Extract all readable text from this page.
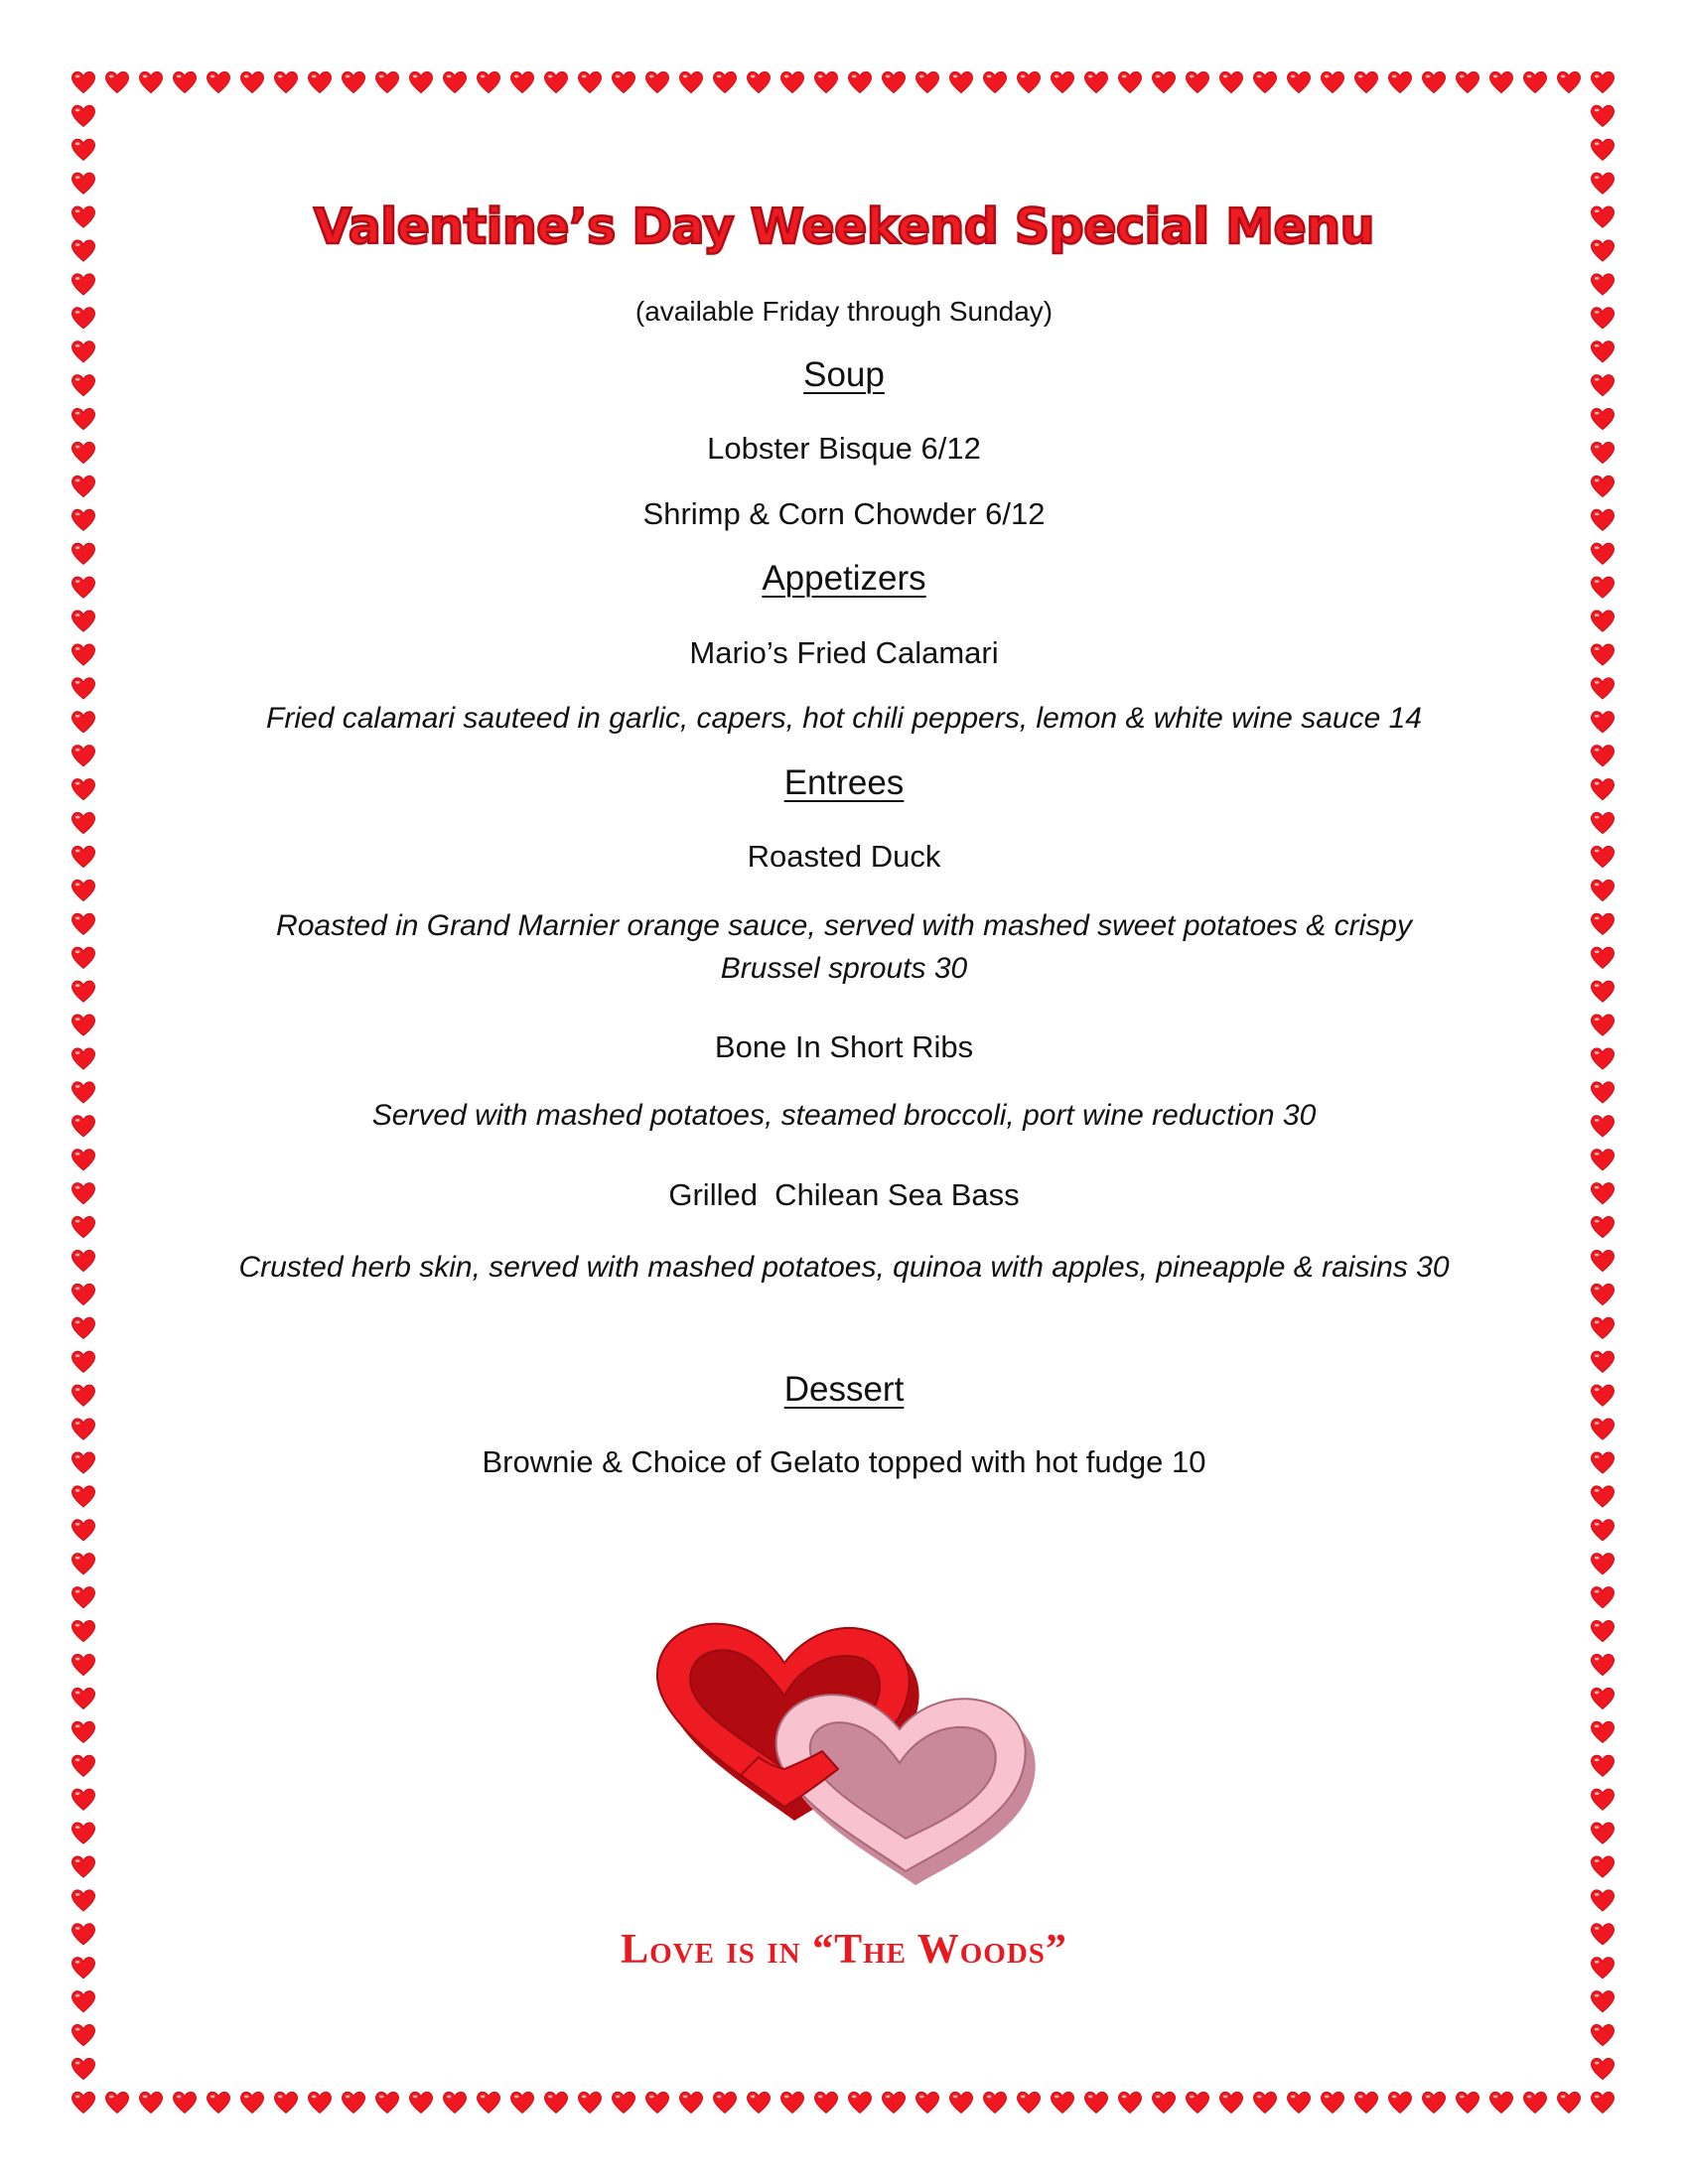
Valentine’s Day Weekend Special Menu
(available Friday through Sunday)
Soup
Lobster Bisque 6/12
Shrimp & Corn Chowder 6/12
Appetizers
Mario’s Fried Calamari
Fried calamari sauteed in garlic, capers, hot chili peppers, lemon & white wine sauce 14
Entrees
Roasted Duck
Roasted in Grand Marnier orange sauce, served with mashed sweet potatoes & crispy Brussel sprouts 30
Bone In Short Ribs
Served with mashed potatoes, steamed broccoli, port wine reduction 30
Grilled  Chilean Sea Bass
Crusted herb skin, served with mashed potatoes, quinoa with apples, pineapple & raisins 30
Dessert
Brownie & Choice of Gelato topped with hot fudge 10
Love is in “The Woods”
